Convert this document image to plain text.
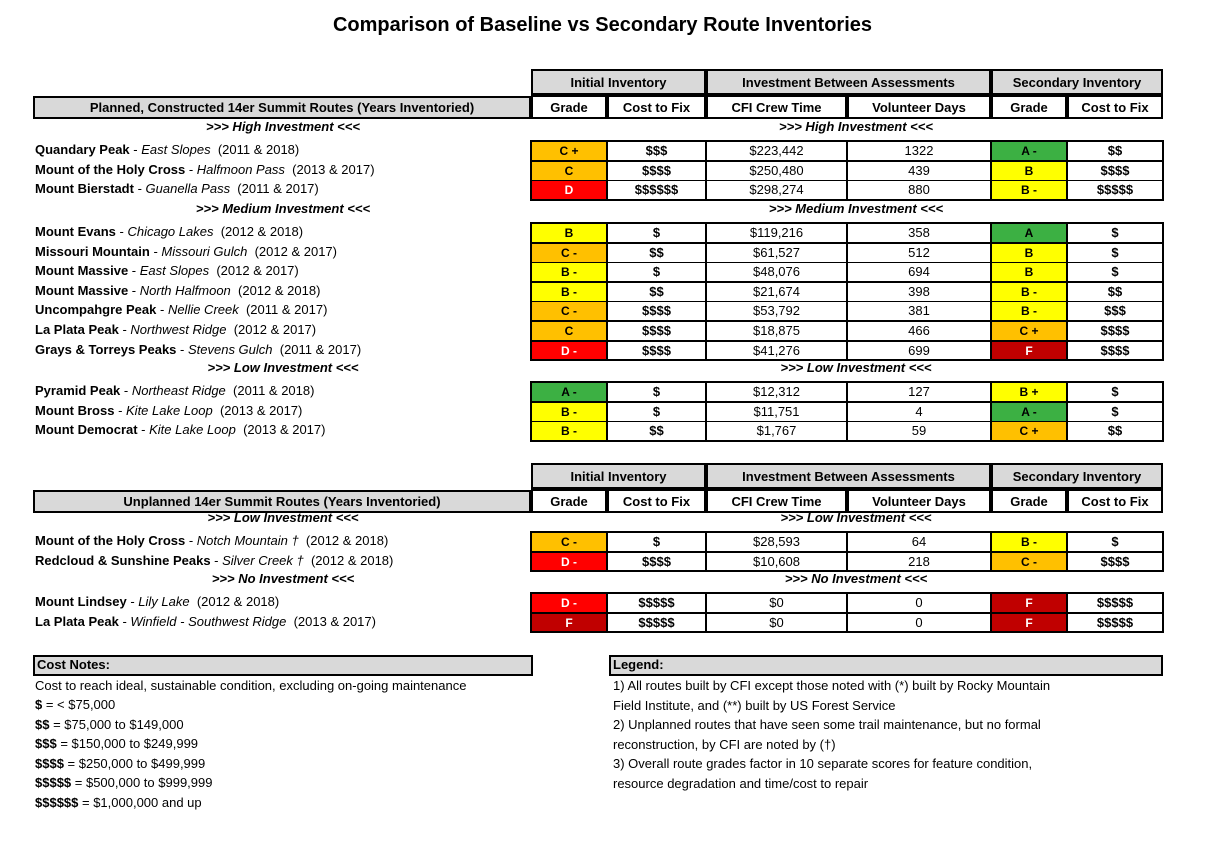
Comparison of Baseline vs Secondary Route Inventories
Initial Inventory	Investment Between Assessments	Secondary Inventory
Grade	Cost to Fix	CFI Crew Time	Volunteer Days	Grade	Cost to Fix
Planned, Constructed 14er Summit Routes (Years Inventoried)
>>> High Investment <<<	>>> High Investment <<<
Quandary Peak - East Slopes  (2011 & 2018)	C +	$$$	$223,442	1322	A -	$$
Mount of the Holy Cross - Halfmoon Pass  (2013 & 2017)	C	$$$$	$250,480	439	B	$$$$
Mount Bierstadt - Guanella Pass  (2011 & 2017)	D	$$$$$$	$298,274	880	B -	$$$$$
>>> Medium Investment <<<	>>> Medium Investment <<<
Mount Evans - Chicago Lakes  (2012 & 2018)	B	$	$119,216	358	A	$
Missouri Mountain - Missouri Gulch  (2012 & 2017)	C -	$$	$61,527	512	B	$
Mount Massive - East Slopes  (2012 & 2017)	B -	$	$48,076	694	B	$
Mount Massive - North Halfmoon  (2012 & 2018)	B -	$$	$21,674	398	B -	$$
Uncompahgre Peak - Nellie Creek  (2011 & 2017)	C -	$$$$	$53,792	381	B -	$$$
La Plata Peak - Northwest Ridge  (2012 & 2017)	C	$$$$	$18,875	466	C +	$$$$
Grays & Torreys Peaks - Stevens Gulch  (2011 & 2017)	D -	$$$$	$41,276	699	F	$$$$
>>> Low Investment <<<	>>> Low Investment <<<
Pyramid Peak - Northeast Ridge  (2011 & 2018)	A -	$	$12,312	127	B +	$
Mount Bross - Kite Lake Loop  (2013 & 2017)	B -	$	$11,751	4	A -	$
Mount Democrat - Kite Lake Loop  (2013 & 2017)	B -	$$	$1,767	59	C +	$$
Initial Inventory	Investment Between Assessments	Secondary Inventory
Grade	Cost to Fix	CFI Crew Time	Volunteer Days	Grade	Cost to Fix
Unplanned 14er Summit Routes (Years Inventoried)
>>> Low Investment <<<	>>> Low Investment <<<
Mount of the Holy Cross - Notch Mountain †  (2012 & 2018)	C -	$	$28,593	64	B -	$
Redcloud & Sunshine Peaks - Silver Creek †  (2012 & 2018)	D -	$$$$	$10,608	218	C -	$$$$
>>> No Investment <<<	>>> No Investment <<<
Mount Lindsey - Lily Lake  (2012 & 2018)	D -	$$$$$	$0	0	F	$$$$$
La Plata Peak - Winfield - Southwest Ridge  (2013 & 2017)	F	$$$$$	$0	0	F	$$$$$
Cost Notes:
Cost to reach ideal, sustainable condition, excluding on-going maintenance
$ = < $75,000
$$ = $75,000 to $149,000
$$$ = $150,000 to $249,999
$$$$ = $250,000 to $499,999
$$$$$ = $500,000 to $999,999
$$$$$$ = $1,000,000 and up
Legend:
1) All routes built by CFI except those noted with (*) built by Rocky Mountain
Field Institute, and (**) built by US Forest Service
2) Unplanned routes that have seen some trail maintenance, but no formal
reconstruction, by CFI are noted by (†)
3) Overall route grades factor in 10 separate scores for feature condition,
resource degradation and time/cost to repair
